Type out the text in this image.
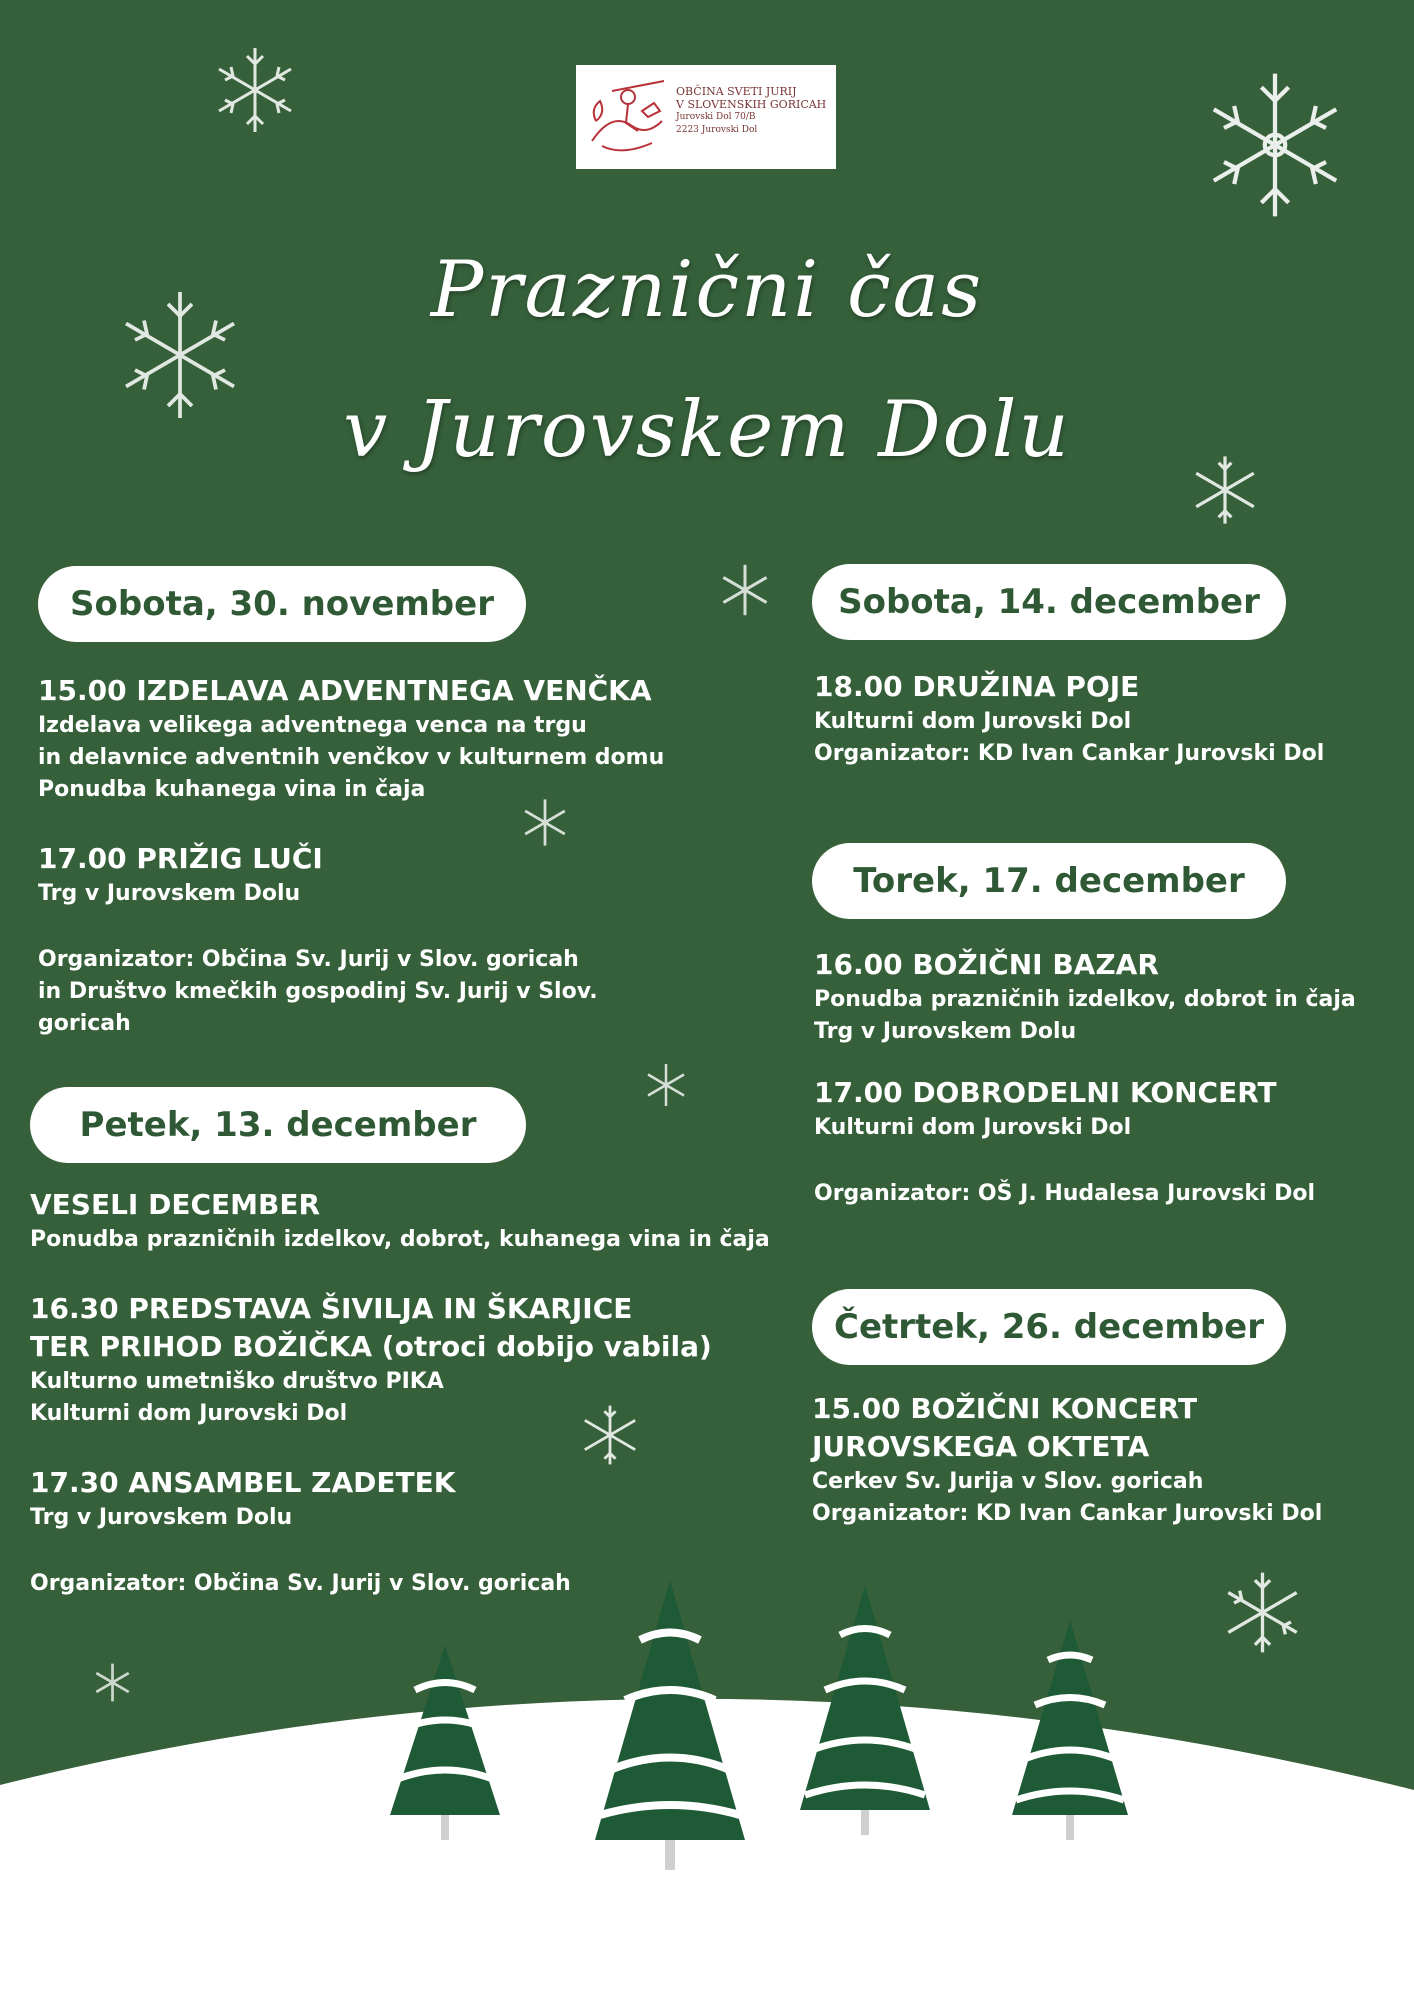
OBČINA SVETI JURIJ
V SLOVENSKIH GORICAH
Jurovski Dol 70/B
2223 Jurovski Dol
Praznični čas
v Jurovskem Dolu
Sobota, 30. november

15.00 IZDELAVA ADVENTNEGA VENČKA

Izdelava velikega adventnega venca na trgu

in delavnice adventnih venčkov v kulturnem domu

Ponudba kuhanega vina in čaja

17.00 PRIŽIG LUČI

Trg v Jurovskem Dolu

Organizator: Občina Sv. Jurij v Slov. goricah

in Društvo kmečkih gospodinj Sv. Jurij v Slov. goricah

Petek, 13. december

VESELI DECEMBER

Ponudba prazničnih izdelkov, dobrot, kuhanega vina in čaja

16.30 PREDSTAVA ŠIVILJA IN ŠKARJICE

TER PRIHOD BOŽIČKA (otroci dobijo vabila)

Kulturno umetniško društvo PIKA

Kulturni dom Jurovski Dol

17.30 ANSAMBEL ZADETEK

Trg v Jurovskem Dolu

Organizator: Občina Sv. Jurij v Slov. goricah

Sobota, 14. december

18.00 DRUŽINA POJE

Kulturni dom Jurovski Dol

Organizator: KD Ivan Cankar Jurovski Dol

Torek, 17. december

16.00 BOŽIČNI BAZAR

Ponudba prazničnih izdelkov, dobrot in čaja

Trg v Jurovskem Dolu

17.00 DOBRODELNI KONCERT

Kulturni dom Jurovski Dol

Organizator: OŠ J. Hudalesa Jurovski Dol

Četrtek, 26. december

15.00 BOŽIČNI KONCERT

JUROVSKEGA OKTETA

Cerkev Sv. Jurija v Slov. goricah

Organizator: KD Ivan Cankar Jurovski Dol
